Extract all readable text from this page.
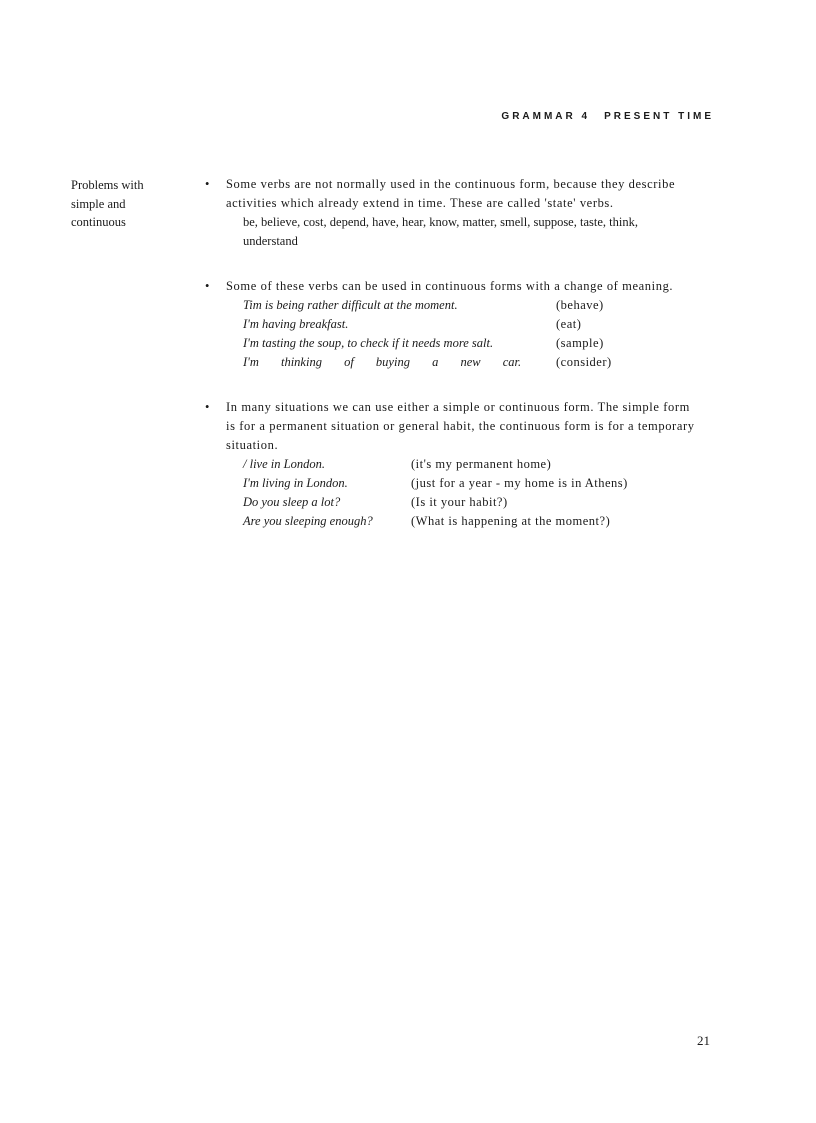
GRAMMAR 4 PRESENT TIME
Problems with
simple and
continuous
• Some verbs are not normally used in the continuous form, because they describe activities which already extend in time. These are called 'state' verbs.
be, believe, cost, depend, have, hear, know, matter, smell, suppose, taste, think, understand
• Some of these verbs can be used in continuous forms with a change of meaning.
Tim is being rather difficult at the moment.	(behave)
I'm having breakfast.	(eat)
I'm tasting the soup, to check if it needs more salt.	(sample)
I'm thinking of buying a new car.	(consider)
• In many situations we can use either a simple or continuous form. The simple form is for a permanent situation or general habit, the continuous form is for a temporary situation.
/ live in London.	(it's my permanent home)
I'm living in London.	(just for a year - my home is in Athens)
Do you sleep a lot?	(Is it your habit?)
Are you sleeping enough?	(What is happening at the moment?)
21
